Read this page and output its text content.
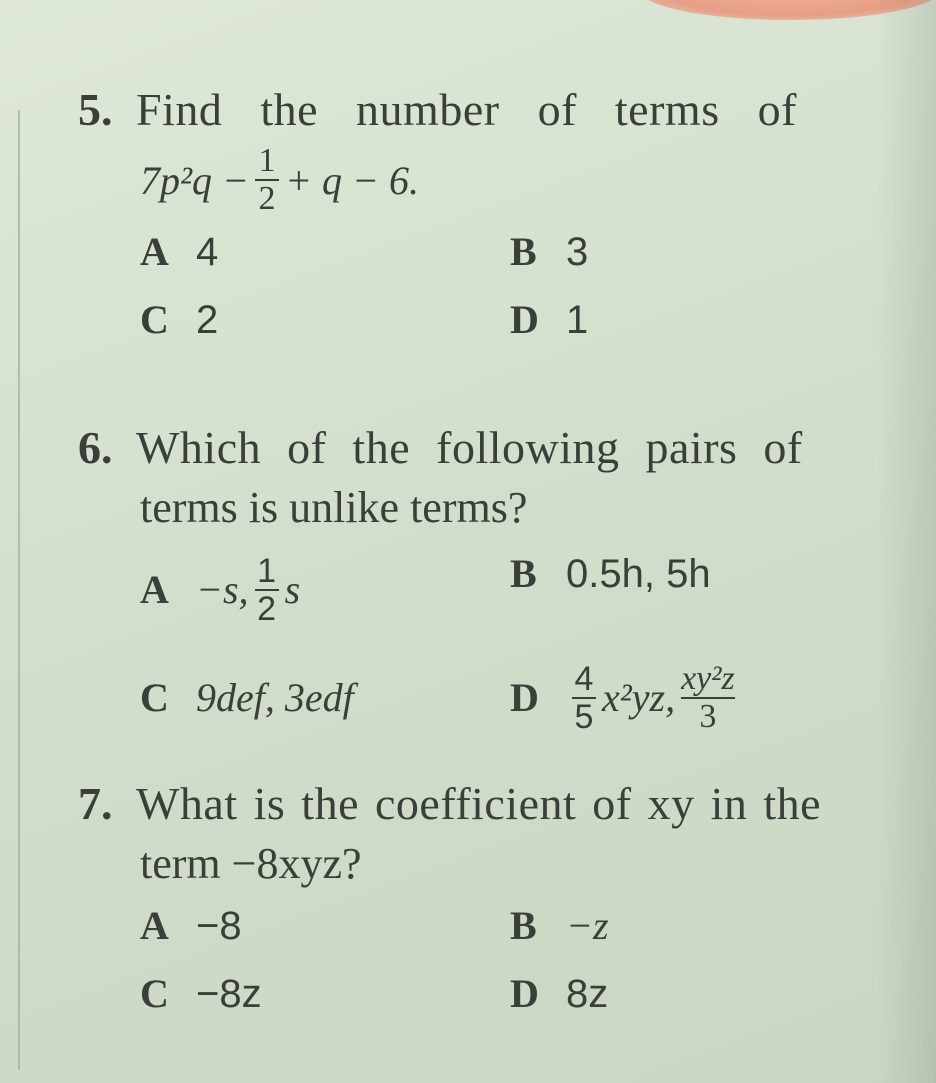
5. Find the number of terms of
$7p^2q - \frac{1}{2} + q - 6$.
A 4	B 3
C 2	D 1
6. Which of the following pairs of
terms is unlike terms?
A −s, $\frac{1}{2}$ s	B 0.5h, 5h
C 9def, 3edf	D $\frac{4}{5} x^2yz$, $\frac{\text{xy²z}}{3}$
7. What is the coefficient of xy in the
term −8xyz?
A −8	B −z
C −8z	D 8z
